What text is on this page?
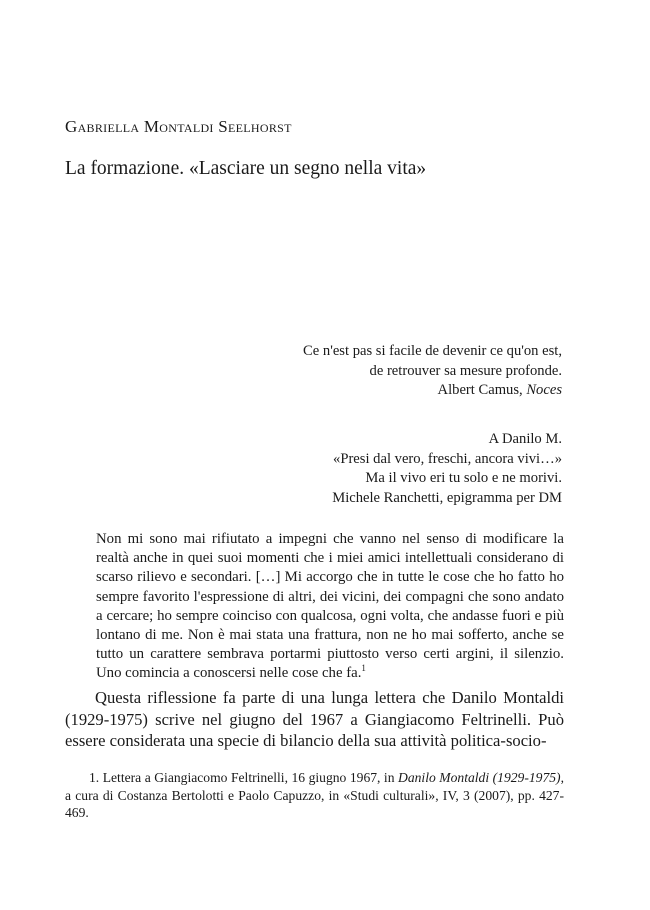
Gabriella Montaldi Seelhorst
La formazione. «Lasciare un segno nella vita»
Ce n'est pas si facile de devenir ce qu'on est,
de retrouver sa mesure profonde.
Albert Camus, Noces
A Danilo M.
«Presi dal vero, freschi, ancora vivi…»
Ma il vivo eri tu solo e ne morivi.
Michele Ranchetti, epigramma per DM
Non mi sono mai rifiutato a impegni che vanno nel senso di modificare la realtà anche in quei suoi momenti che i miei amici intellettuali considerano di scarso rilievo e secondari. […] Mi accorgo che in tutte le cose che ho fatto ho sempre favorito l'espressione di altri, dei vicini, dei compagni che sono andato a cercare; ho sempre coinciso con qualcosa, ogni volta, che andasse fuori e più lontano di me. Non è mai stata una frattura, non ne ho mai sofferto, anche se tutto un carattere sembrava portarmi piuttosto verso certi argini, il silenzio. Uno comincia a conoscersi nelle cose che fa.$^1$
Questa riflessione fa parte di una lunga lettera che Danilo Montaldi (1929-1975) scrive nel giugno del 1967 a Giangiacomo Feltrinelli. Può essere considerata una specie di bilancio della sua attività politica-socio-
1. Lettera a Giangiacomo Feltrinelli, 16 giugno 1967, in Danilo Montaldi (1929-1975), a cura di Costanza Bertolotti e Paolo Capuzzo, in «Studi culturali», IV, 3 (2007), pp. 427-469.
